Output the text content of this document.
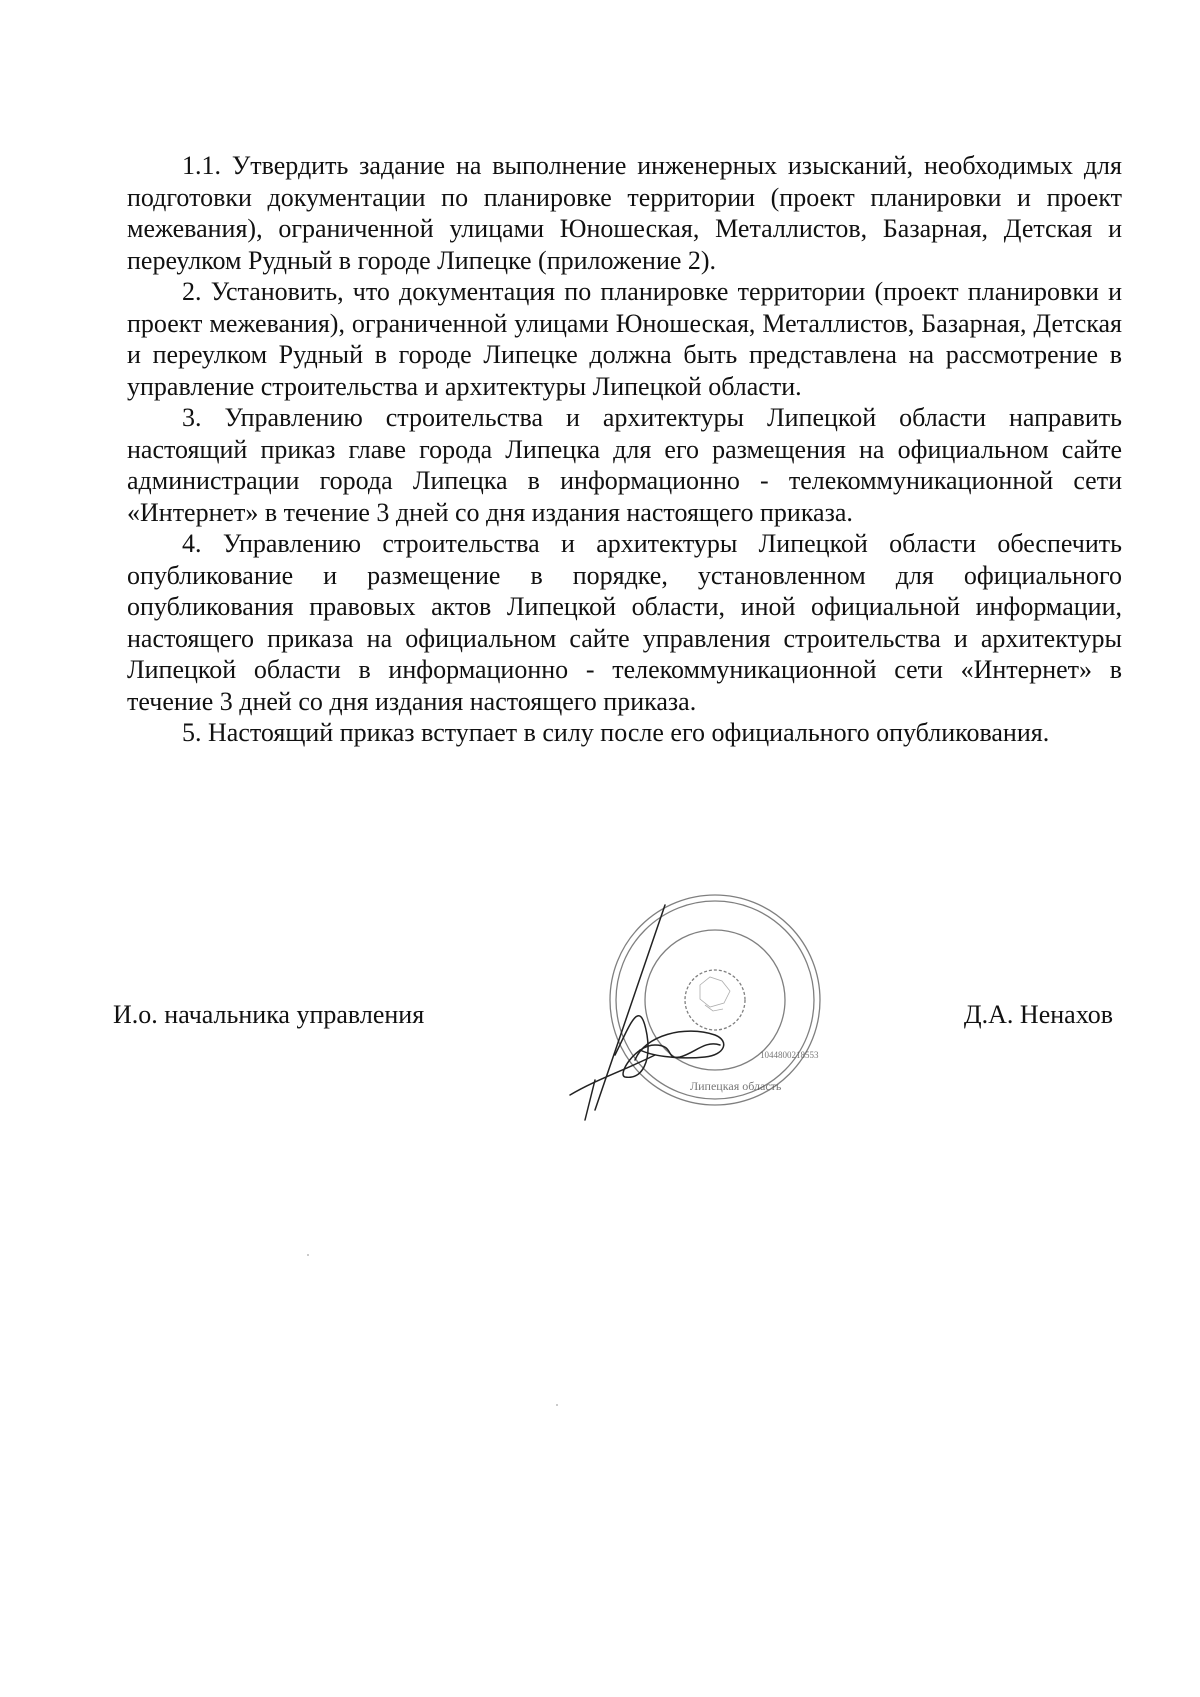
1.1. Утвердить задание на выполнение инженерных изысканий, необходимых для подготовки документации по планировке территории (проект планировки и проект межевания), ограниченной улицами Юношеская, Металлистов, Базарная, Детская и переулком Рудный в городе Липецке (приложение 2).

2. Установить, что документация по планировке территории (проект планировки и проект межевания), ограниченной улицами Юношеская, Металлистов, Базарная, Детская и переулком Рудный в городе Липецке должна быть представлена на рассмотрение в управление строительства и архитектуры Липецкой области.

3. Управлению строительства и архитектуры Липецкой области направить настоящий приказ главе города Липецка для его размещения на официальном сайте администрации города Липецка в информационно - телекоммуникационной сети «Интернет» в течение 3 дней со дня издания настоящего приказа.

4. Управлению строительства и архитектуры Липецкой области обеспечить опубликование и размещение в порядке, установленном для официального опубликования правовых актов Липецкой области, иной официальной информации, настоящего приказа на официальном сайте управления строительства и архитектуры Липецкой области в информационно - телекоммуникационной сети «Интернет» в течение 3 дней со дня издания настоящего приказа.

5. Настоящий приказ вступает в силу после его официального опубликования.

1044800218553
Липецкая область
И.о. начальника управления	Д.А. Ненахов
